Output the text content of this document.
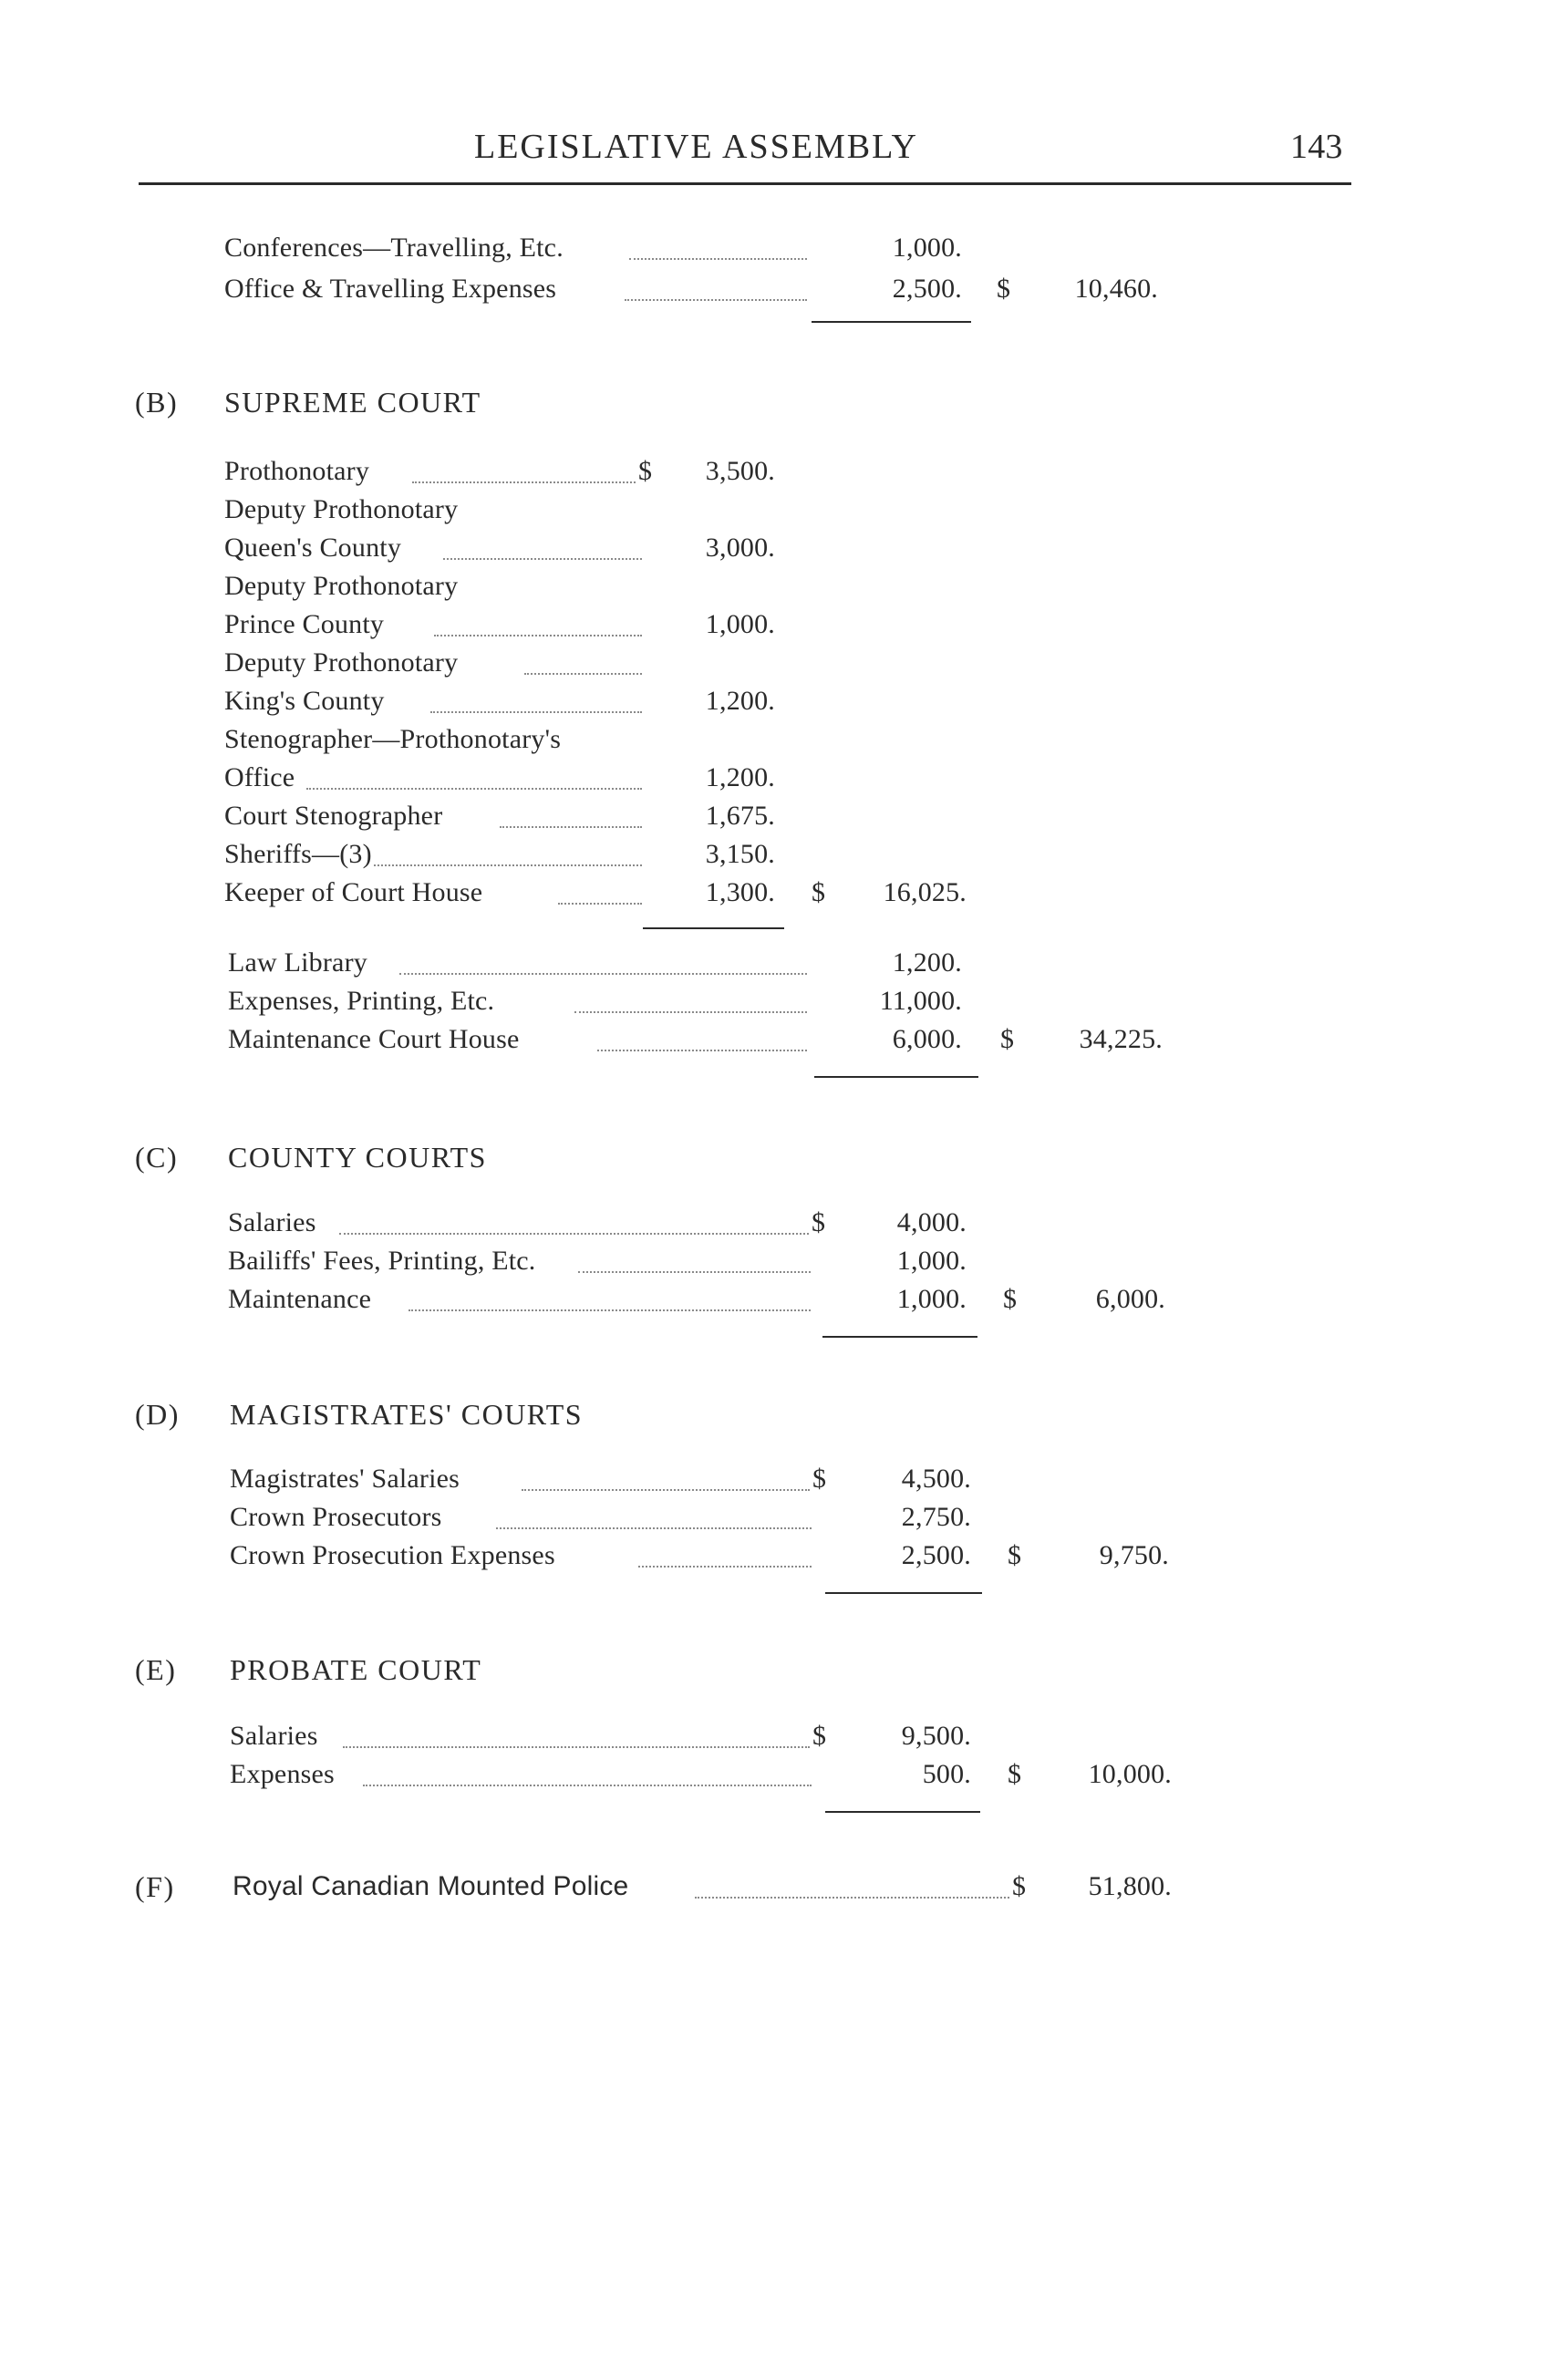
LEGISLATIVE ASSEMBLY	143
Conferences—Travelling, Etc.	1,000.
Office & Travelling Expenses	2,500. $	10,460.
(B) SUPREME COURT
Prothonotary	$	3,500.
Deputy Prothonotary
Queen's County	3,000.
Deputy Prothonotary
Prince County	1,000.
Deputy Prothonotary
King's County	1,200.
Stenographer—Prothonotary's
Office	1,200.
Court Stenographer	1,675.
Sheriffs—(3)	3,150.
Keeper of Court House	1,300. $	16,025.
Law Library	1,200.
Expenses, Printing, Etc.	11,000.
Maintenance Court House	6,000. $	34,225.
(C) COUNTY COURTS
Salaries	$	4,000.
Bailiffs' Fees, Printing, Etc.	1,000.
Maintenance	1,000. $	6,000.
(D) MAGISTRATES' COURTS
Magistrates' Salaries	$	4,500.
Crown Prosecutors	2,750.
Crown Prosecution Expenses	2,500. $	9,750.
(E) PROBATE COURT
Salaries	$	9,500.
Expenses	500. $	10,000.
(F) Royal Canadian Mounted Police	$	51,800.
